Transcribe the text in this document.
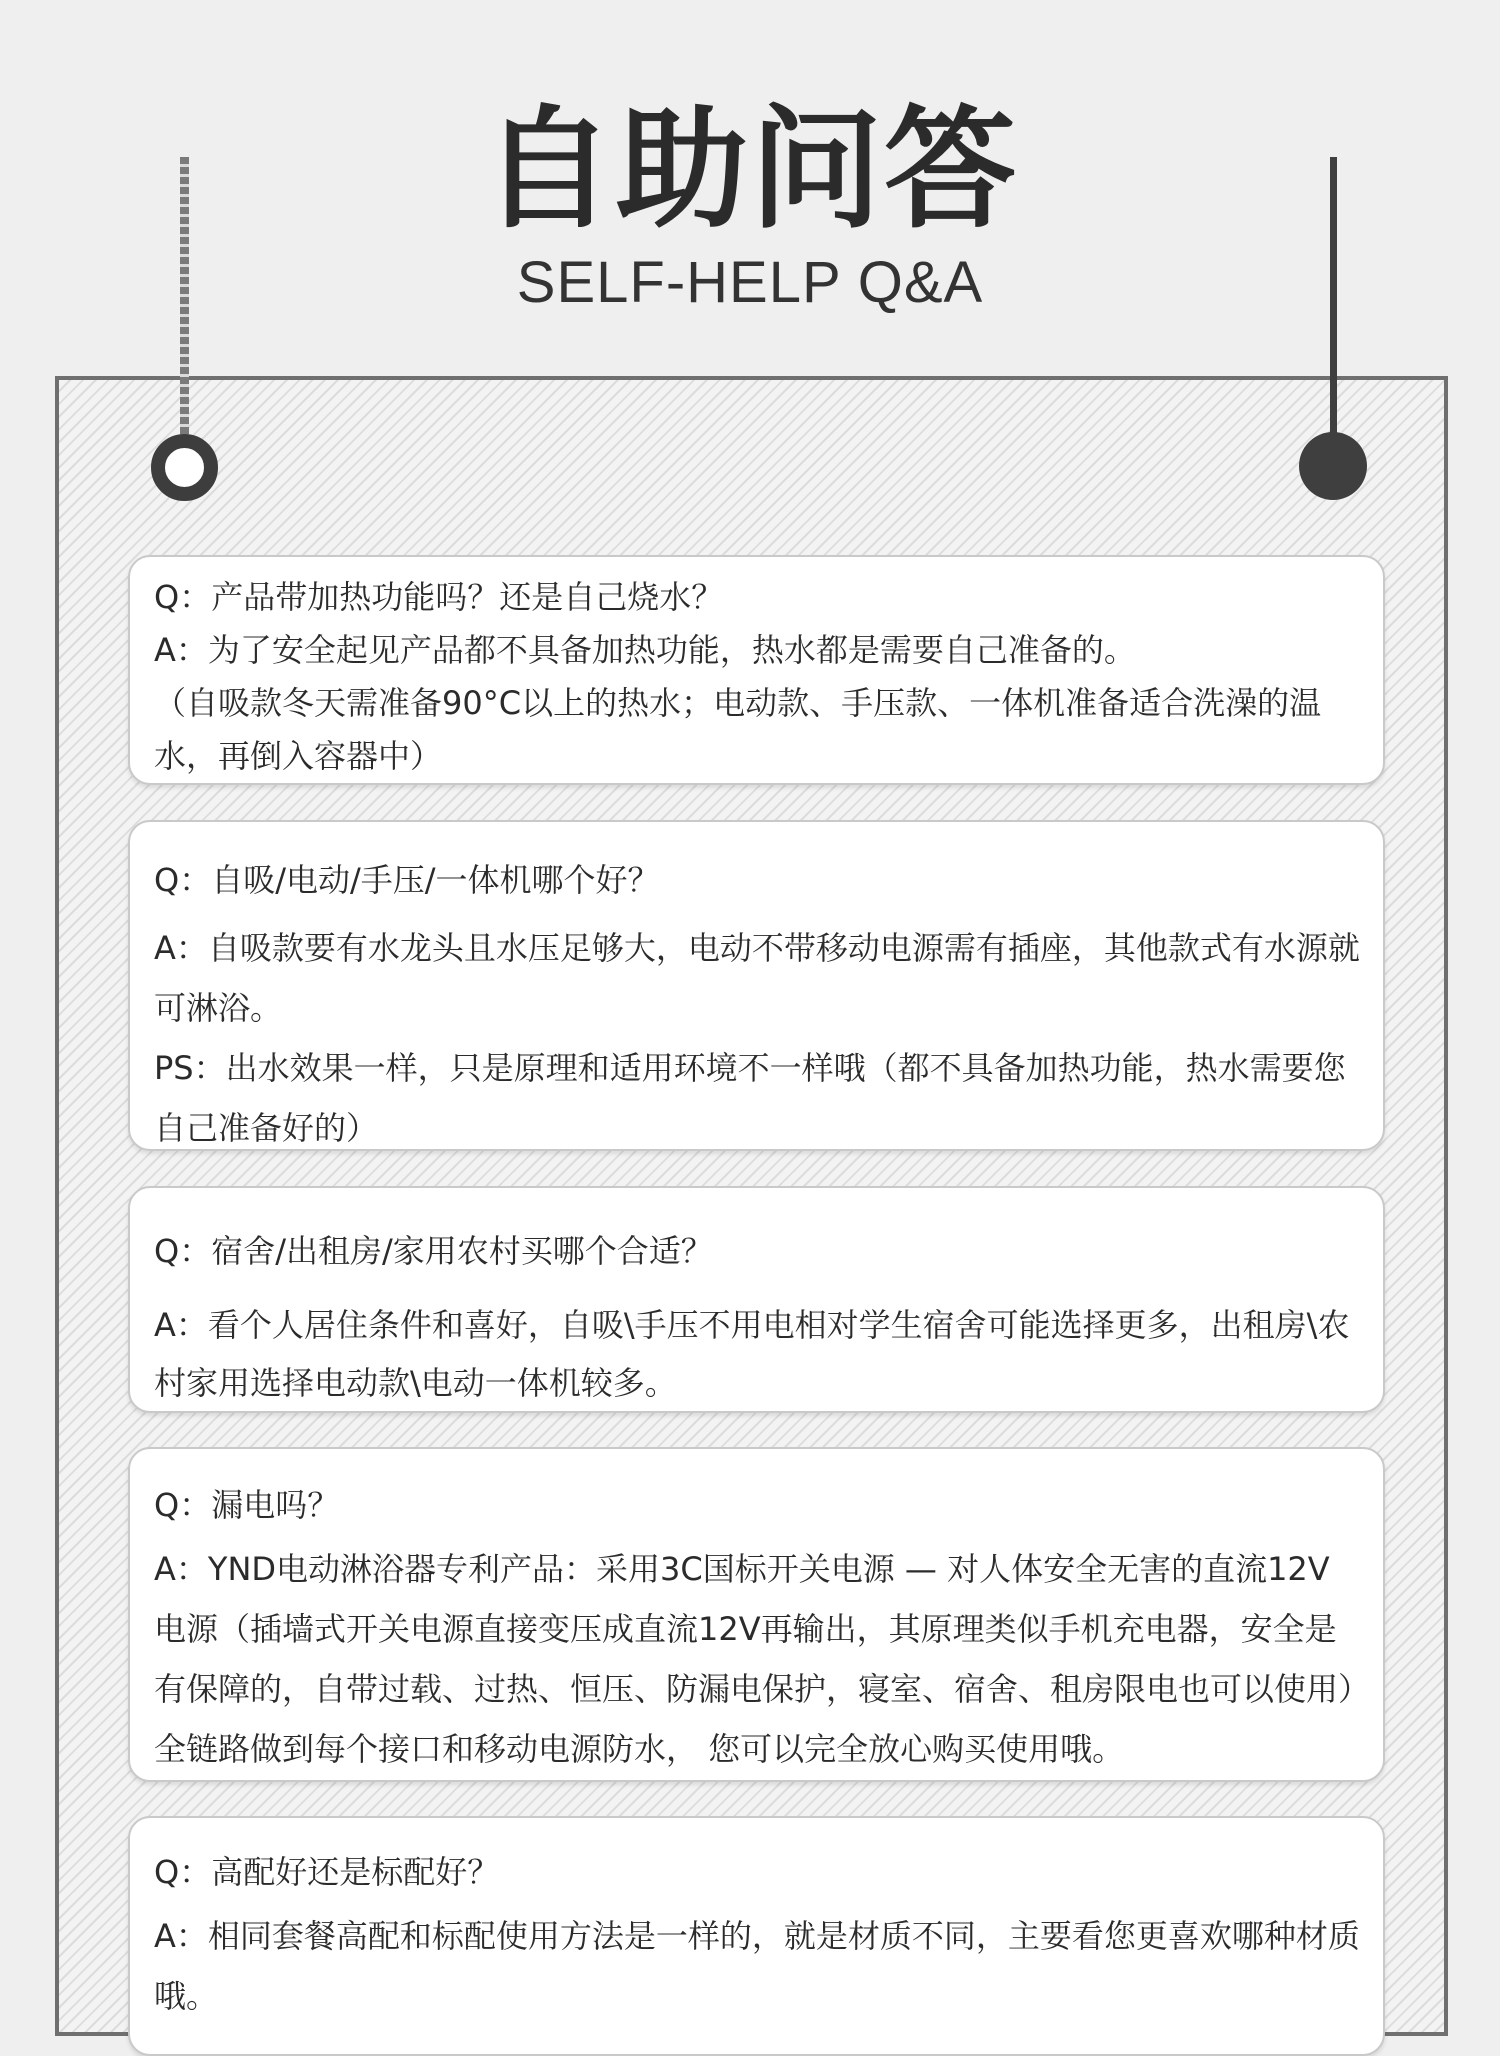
自助问答
SELF-HELP Q&A

Q：产品带加热功能吗？还是自己烧水？

A：为了安全起见产品都不具备加热功能，热水都是需要自己准备的。

（自吸款冬天需准备90°C以上的热水；电动款、手压款、一体机准备适合洗澡的温水，再倒入容器中）

Q：自吸/电动/手压/一体机哪个好？

A：自吸款要有水龙头且水压足够大，电动不带移动电源需有插座，其他款式有水源就可淋浴。

PS：出水效果一样，只是原理和适用环境不一样哦（都不具备加热功能，热水需要您自己准备好的）

Q：宿舍/出租房/家用农村买哪个合适？

A：看个人居住条件和喜好，自吸\手压不用电相对学生宿舍可能选择更多，出租房\农村家用选择电动款\电动一体机较多。

Q：漏电吗？

A：YND电动淋浴器专利产品：采用3C国标开关电源 — 对人体安全无害的直流12V电源（插墙式开关电源直接变压成直流12V再输出，其原理类似手机充电器，安全是有保障的，自带过载、过热、恒压、防漏电保护，寝室、宿舍、租房限电也可以使用）全链路做到每个接口和移动电源防水， 您可以完全放心购买使用哦。

Q：高配好还是标配好？

A：相同套餐高配和标配使用方法是一样的，就是材质不同，主要看您更喜欢哪种材质哦。
